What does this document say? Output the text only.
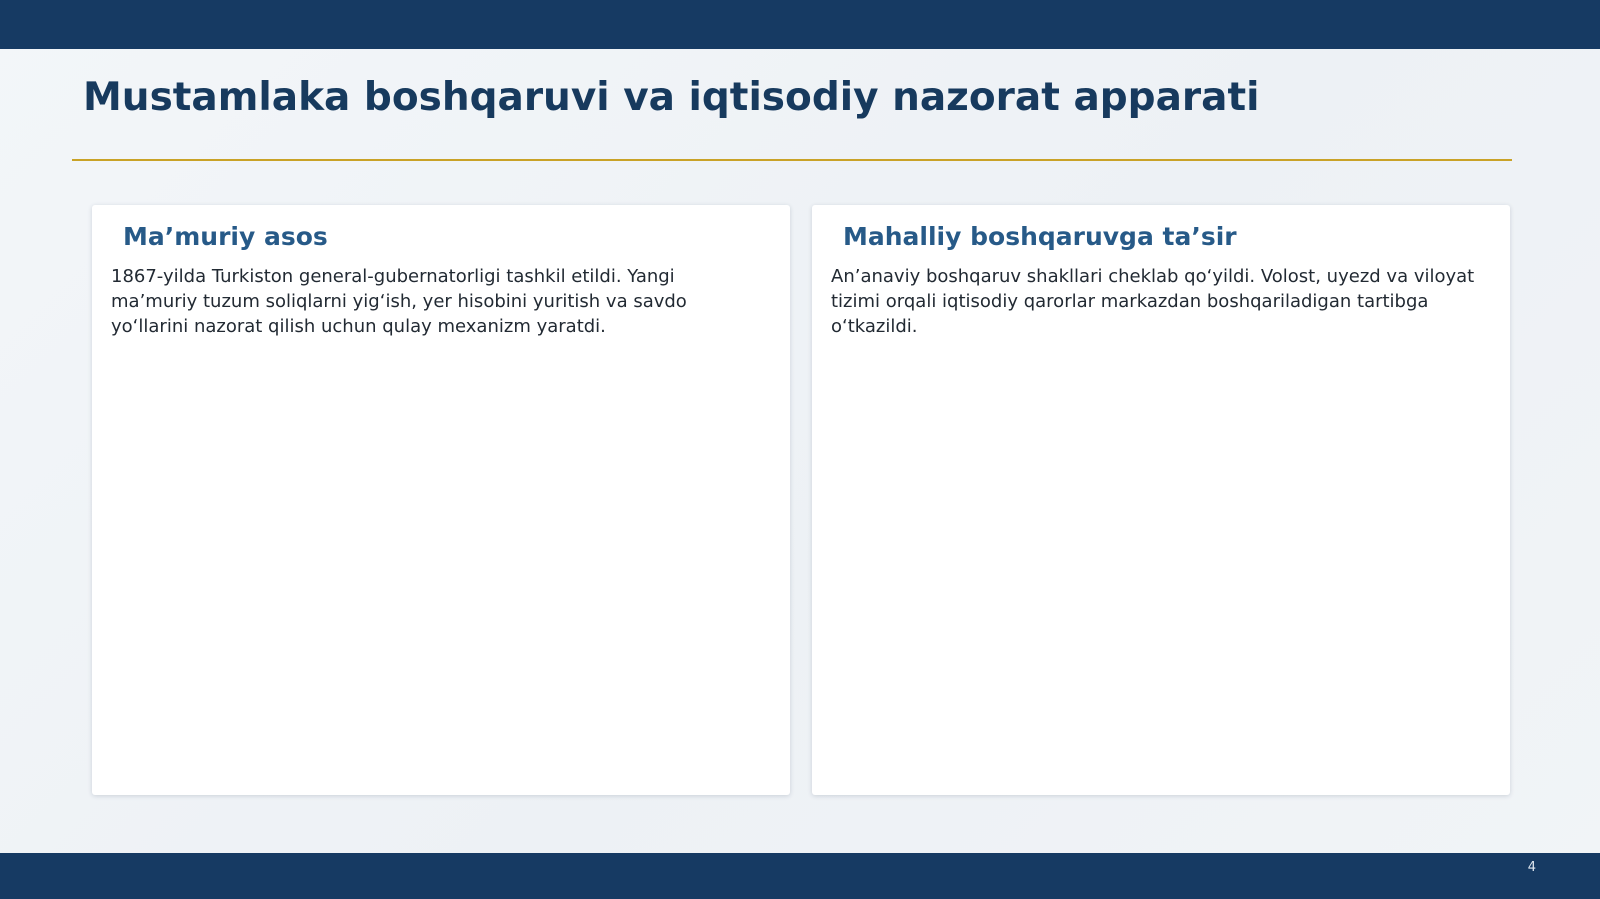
Mustamlaka boshqaruvi va iqtisodiy nazorat apparati
Ma’muriy asos

1867-yilda Turkiston general-gubernatorligi tashkil etildi. Yangi ma’muriy tuzum soliqlarni yig‘ish, yer hisobini yuritish va savdo yo‘llarini nazorat qilish uchun qulay mexanizm yaratdi.

Mahalliy boshqaruvga ta’sir

An’anaviy boshqaruv shakllari cheklab qo‘yildi. Volost, uyezd va viloyat tizimi orqali iqtisodiy qarorlar markazdan boshqariladigan tartibga o‘tkazildi.

4
